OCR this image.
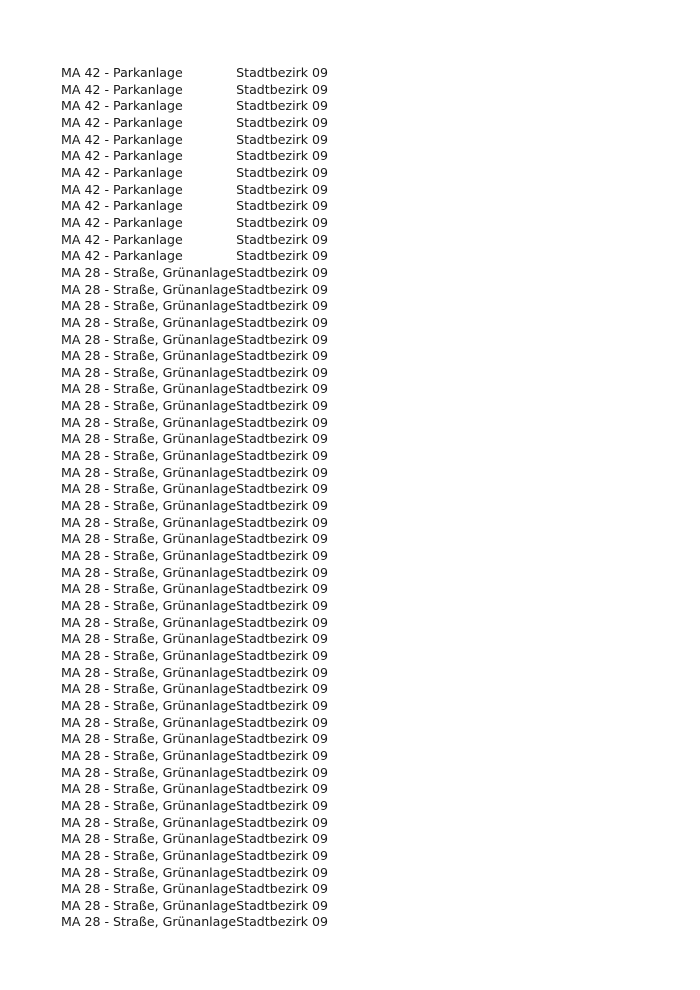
MA 42 - Parkanlage	Stadtbezirk 09
MA 42 - Parkanlage	Stadtbezirk 09
MA 42 - Parkanlage	Stadtbezirk 09
MA 42 - Parkanlage	Stadtbezirk 09
MA 42 - Parkanlage	Stadtbezirk 09
MA 42 - Parkanlage	Stadtbezirk 09
MA 42 - Parkanlage	Stadtbezirk 09
MA 42 - Parkanlage	Stadtbezirk 09
MA 42 - Parkanlage	Stadtbezirk 09
MA 42 - Parkanlage	Stadtbezirk 09
MA 42 - Parkanlage	Stadtbezirk 09
MA 42 - Parkanlage	Stadtbezirk 09
MA 28 - Straße, Grünanlage	Stadtbezirk 09
MA 28 - Straße, Grünanlage	Stadtbezirk 09
MA 28 - Straße, Grünanlage	Stadtbezirk 09
MA 28 - Straße, Grünanlage	Stadtbezirk 09
MA 28 - Straße, Grünanlage	Stadtbezirk 09
MA 28 - Straße, Grünanlage	Stadtbezirk 09
MA 28 - Straße, Grünanlage	Stadtbezirk 09
MA 28 - Straße, Grünanlage	Stadtbezirk 09
MA 28 - Straße, Grünanlage	Stadtbezirk 09
MA 28 - Straße, Grünanlage	Stadtbezirk 09
MA 28 - Straße, Grünanlage	Stadtbezirk 09
MA 28 - Straße, Grünanlage	Stadtbezirk 09
MA 28 - Straße, Grünanlage	Stadtbezirk 09
MA 28 - Straße, Grünanlage	Stadtbezirk 09
MA 28 - Straße, Grünanlage	Stadtbezirk 09
MA 28 - Straße, Grünanlage	Stadtbezirk 09
MA 28 - Straße, Grünanlage	Stadtbezirk 09
MA 28 - Straße, Grünanlage	Stadtbezirk 09
MA 28 - Straße, Grünanlage	Stadtbezirk 09
MA 28 - Straße, Grünanlage	Stadtbezirk 09
MA 28 - Straße, Grünanlage	Stadtbezirk 09
MA 28 - Straße, Grünanlage	Stadtbezirk 09
MA 28 - Straße, Grünanlage	Stadtbezirk 09
MA 28 - Straße, Grünanlage	Stadtbezirk 09
MA 28 - Straße, Grünanlage	Stadtbezirk 09
MA 28 - Straße, Grünanlage	Stadtbezirk 09
MA 28 - Straße, Grünanlage	Stadtbezirk 09
MA 28 - Straße, Grünanlage	Stadtbezirk 09
MA 28 - Straße, Grünanlage	Stadtbezirk 09
MA 28 - Straße, Grünanlage	Stadtbezirk 09
MA 28 - Straße, Grünanlage	Stadtbezirk 09
MA 28 - Straße, Grünanlage	Stadtbezirk 09
MA 28 - Straße, Grünanlage	Stadtbezirk 09
MA 28 - Straße, Grünanlage	Stadtbezirk 09
MA 28 - Straße, Grünanlage	Stadtbezirk 09
MA 28 - Straße, Grünanlage	Stadtbezirk 09
MA 28 - Straße, Grünanlage	Stadtbezirk 09
MA 28 - Straße, Grünanlage	Stadtbezirk 09
MA 28 - Straße, Grünanlage	Stadtbezirk 09
MA 28 - Straße, Grünanlage	Stadtbezirk 09
